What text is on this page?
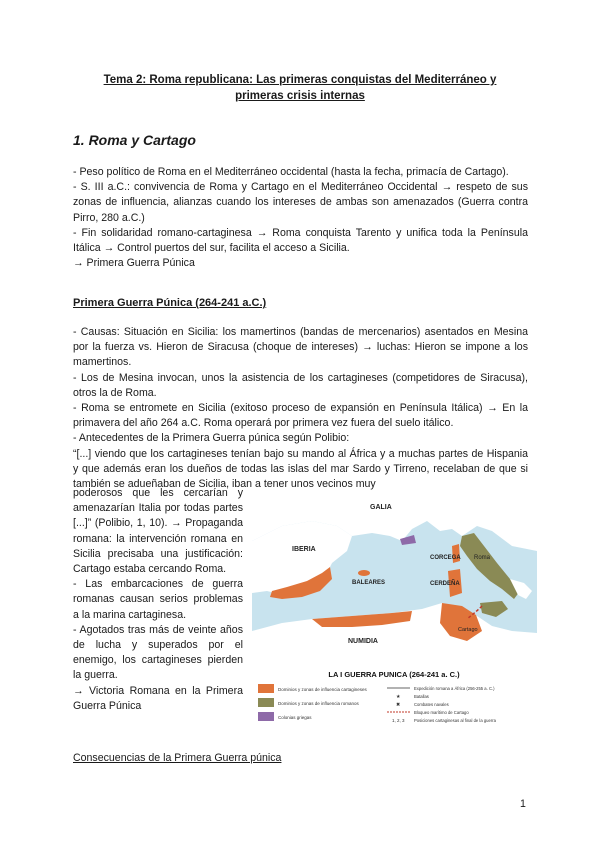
Tema 2: Roma republicana: Las primeras conquistas del Mediterráneo y
primeras crisis internas
1. Roma y Cartago

- Peso político de Roma en el Mediterráneo occidental (hasta la fecha, primacía de Cartago).

- S. III a.C.: convivencia de Roma y Cartago en el Mediterráneo Occidental → respeto de sus zonas de influencia, alianzas cuando los intereses de ambas son amenazados (Guerra contra Pirro, 280 a.C.)

- Fin solidaridad romano-cartaginesa → Roma conquista Tarento y unifica toda la Península Itálica → Control puertos del sur, facilita el acceso a Sicilia.

→ Primera Guerra Púnica

Primera Guerra Púnica (264-241 a.C.)

- Causas: Situación en Sicilia: los mamertinos (bandas de mercenarios) asentados en Mesina por la fuerza vs. Hieron de Siracusa (choque de intereses) → luchas: Hieron se impone a los mamertinos.

- Los de Mesina invocan, unos la asistencia de los cartagineses (competidores de Siracusa), otros la de Roma.

- Roma se entromete en Sicilia (exitoso proceso de expansión en Península Itálica) → En la primavera del año 264 a.C. Roma operará por primera vez fuera del suelo itálico.

- Antecedentes de la Primera Guerra púnica según Polibio:

“[...] viendo que los cartagineses tenían bajo su mando al África y a muchas partes de Hispania y que además eran los dueños de todas las islas del mar Sardo y Tirreno, recelaban de que si también se adueñaban de Sicilia, iban a tener unos vecinos muy

poderosos que les cercarían y amenazarían Italia por todas partes [...]” (Polibio, 1, 10). → Propaganda romana: la intervención romana en Sicilia precisaba una justificación: Cartago estaba cercando Roma.

- Las embarcaciones de guerra romanas causan serios problemas a la marina cartaginesa.

- Agotados tras más de veinte años de lucha y superados por el enemigo, los cartagineses pierden la guerra.

→ Victoria Romana en la Primera Guerra Púnica

GALIA
IBERIA
BALEARES
CORCEGA
CERDEÑA
NUMIDIA
Roma
Cartago
LA I GUERRA PUNICA (264-241 a. C.)
Dominios y zonas de influencia cartagineses
Dominios y zonas de influencia romanos
Colonias griegas
Expedición romana a África (256-255 a. C.)
★	Batallas
✖	Combates navales
Bloqueo marítimo de Cartago
1, 2, 3 Posiciones cartaginesas al final de la guerra
Consecuencias de la Primera Guerra púnica
1
